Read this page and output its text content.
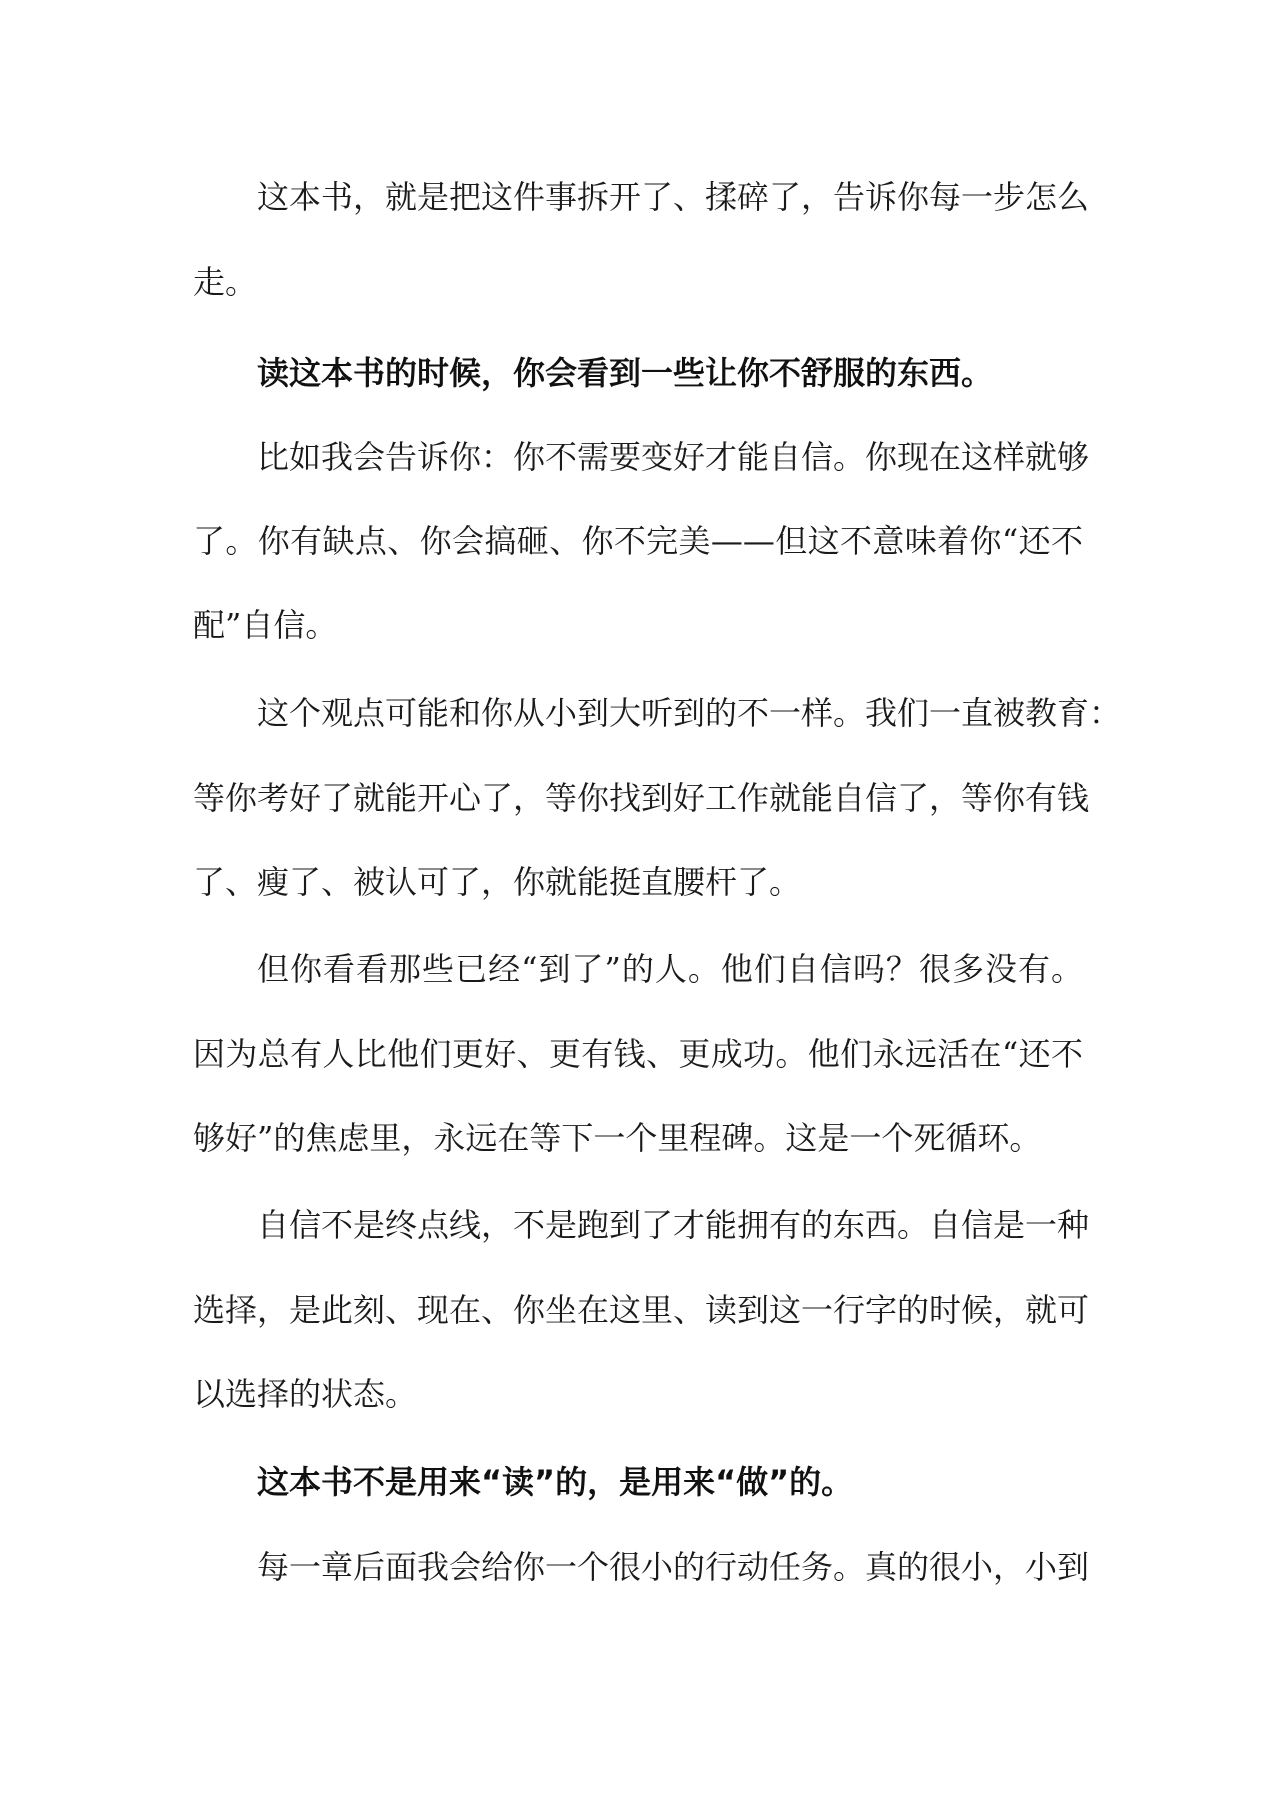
这本书，就是把这件事拆开了、揉碎了，告诉你每一步怎么

走。

读这本书的时候，你会看到一些让你不舒服的东西。

比如我会告诉你：你不需要变好才能自信。你现在这样就够

了。你有缺点、你会搞砸、你不完美——但这不意味着你“还不

配”自信。

这个观点可能和你从小到大听到的不一样。我们一直被教育：

等你考好了就能开心了，等你找到好工作就能自信了，等你有钱

了、瘦了、被认可了，你就能挺直腰杆了。

但你看看那些已经“到了”的人。他们自信吗？很多没有。

因为总有人比他们更好、更有钱、更成功。他们永远活在“还不

够好”的焦虑里，永远在等下一个里程碑。这是一个死循环。

自信不是终点线，不是跑到了才能拥有的东西。自信是一种

选择，是此刻、现在、你坐在这里、读到这一行字的时候，就可

以选择的状态。

这本书不是用来“读”的，是用来“做”的。

每一章后面我会给你一个很小的行动任务。真的很小，小到
